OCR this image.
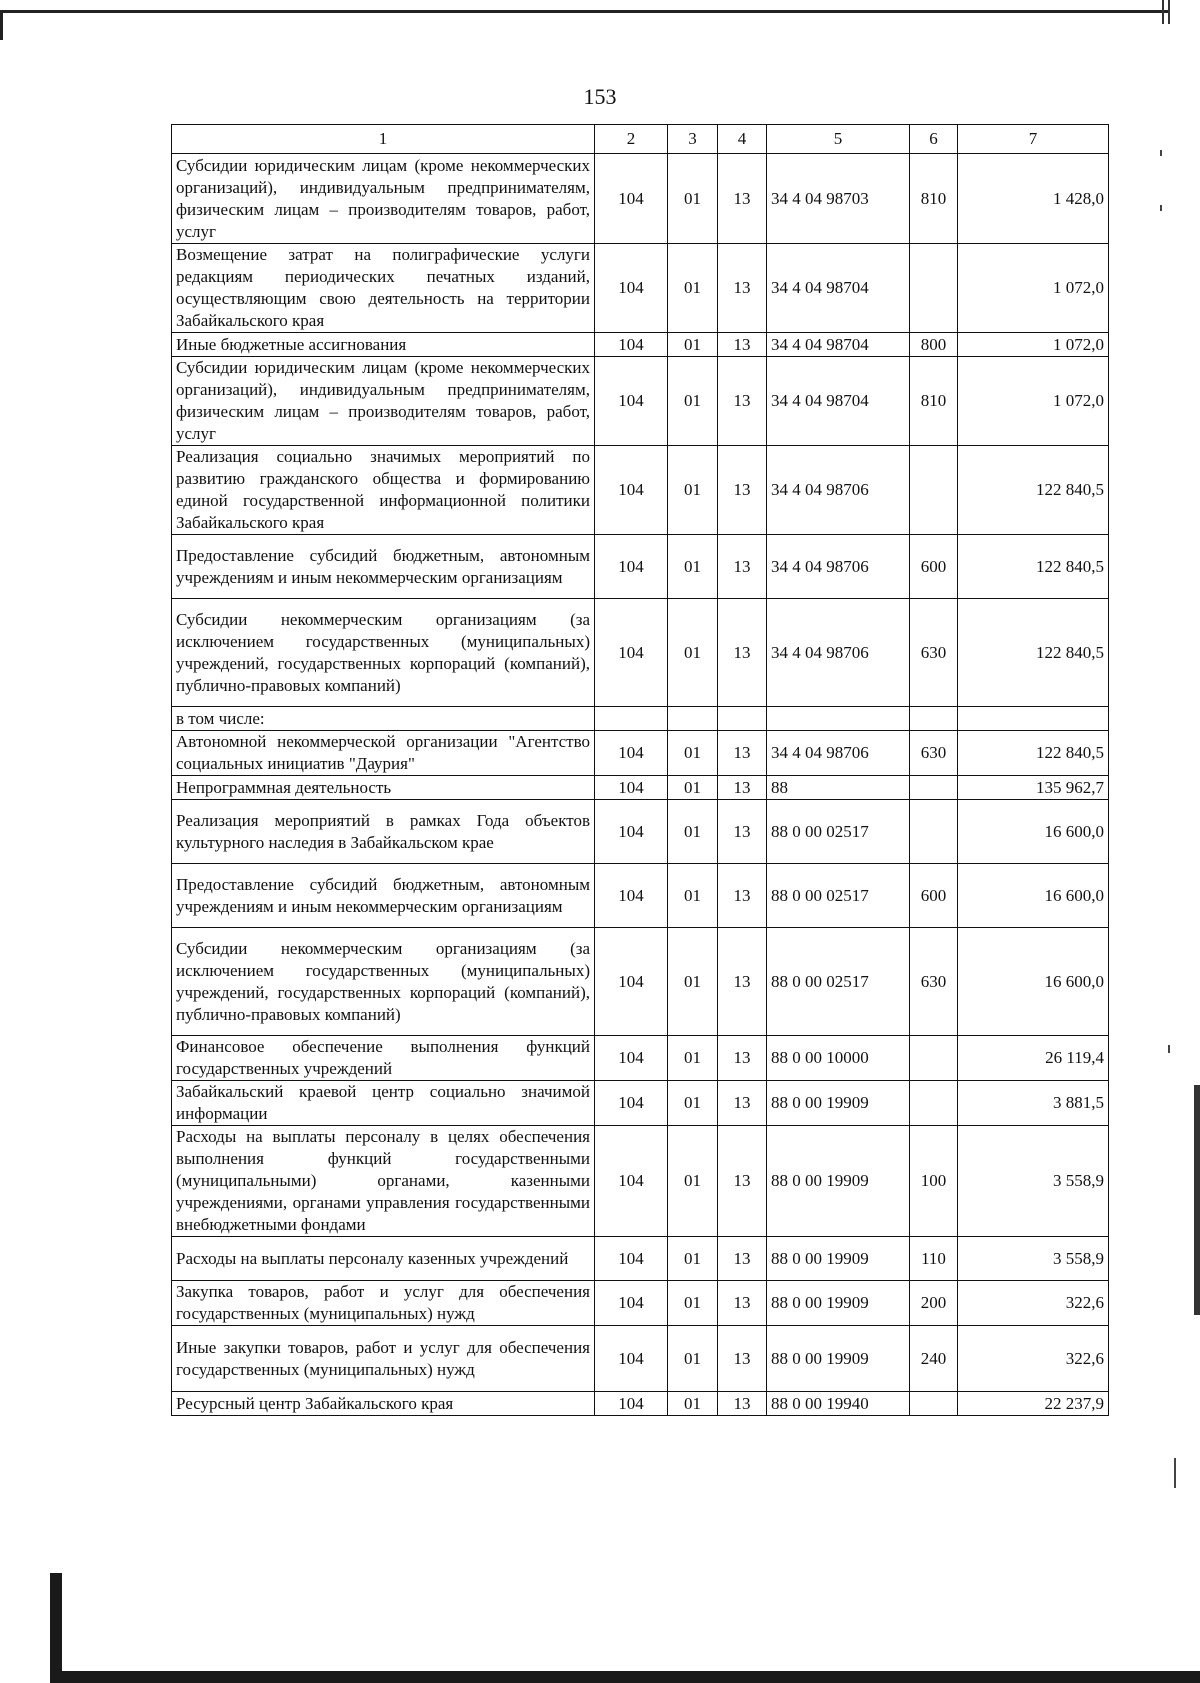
153
1	2	3	4	5	6	7
Субсидии юридическим лицам (кроме некоммерческих организаций), индивидуальным предпринимателям, физическим лицам – производителям товаров, работ, услуг	104	01	13	34 4 04 98703	810	1 428,0
Возмещение затрат на полиграфические услуги редакциям периодических печатных изданий, осуществляющим свою деятельность на территории Забайкальского края	104	01	13	34 4 04 98704		1 072,0
Иные бюджетные ассигнования	104	01	13	34 4 04 98704	800	1 072,0
Субсидии юридическим лицам (кроме некоммерческих организаций), индивидуальным предпринимателям, физическим лицам – производителям товаров, работ, услуг	104	01	13	34 4 04 98704	810	1 072,0
Реализация социально значимых мероприятий по развитию гражданского общества и формированию единой государственной информационной политики Забайкальского края	104	01	13	34 4 04 98706		122 840,5
Предоставление субсидий бюджетным, автономным учреждениям и иным некоммерческим организациям	104	01	13	34 4 04 98706	600	122 840,5
Субсидии некоммерческим организациям (за исключением государственных (муниципальных) учреждений, государственных корпораций (компаний), публично-правовых компаний)	104	01	13	34 4 04 98706	630	122 840,5
в том числе:						
Автономной некоммерческой организации "Агентство социальных инициатив "Даурия"	104	01	13	34 4 04 98706	630	122 840,5
Непрограммная деятельность	104	01	13	88		135 962,7
Реализация мероприятий в рамках Года объектов культурного наследия в Забайкальском крае	104	01	13	88 0 00 02517		16 600,0
Предоставление субсидий бюджетным, автономным учреждениям и иным некоммерческим организациям	104	01	13	88 0 00 02517	600	16 600,0
Субсидии некоммерческим организациям (за исключением государственных (муниципальных) учреждений, государственных корпораций (компаний), публично-правовых компаний)	104	01	13	88 0 00 02517	630	16 600,0
Финансовое обеспечение выполнения функций государственных учреждений	104	01	13	88 0 00 10000		26 119,4
Забайкальский краевой центр социально значимой информации	104	01	13	88 0 00 19909		3 881,5
Расходы на выплаты персоналу в целях обеспечения выполнения функций государственными (муниципальными) органами, казенными учреждениями, органами управления государственными внебюджетными фондами	104	01	13	88 0 00 19909	100	3 558,9
Расходы на выплаты персоналу казенных учреждений	104	01	13	88 0 00 19909	110	3 558,9
Закупка товаров, работ и услуг для обеспечения государственных (муниципальных) нужд	104	01	13	88 0 00 19909	200	322,6
Иные закупки товаров, работ и услуг для обеспечения государственных (муниципальных) нужд	104	01	13	88 0 00 19909	240	322,6
Ресурсный центр Забайкальского края	104	01	13	88 0 00 19940		22 237,9
